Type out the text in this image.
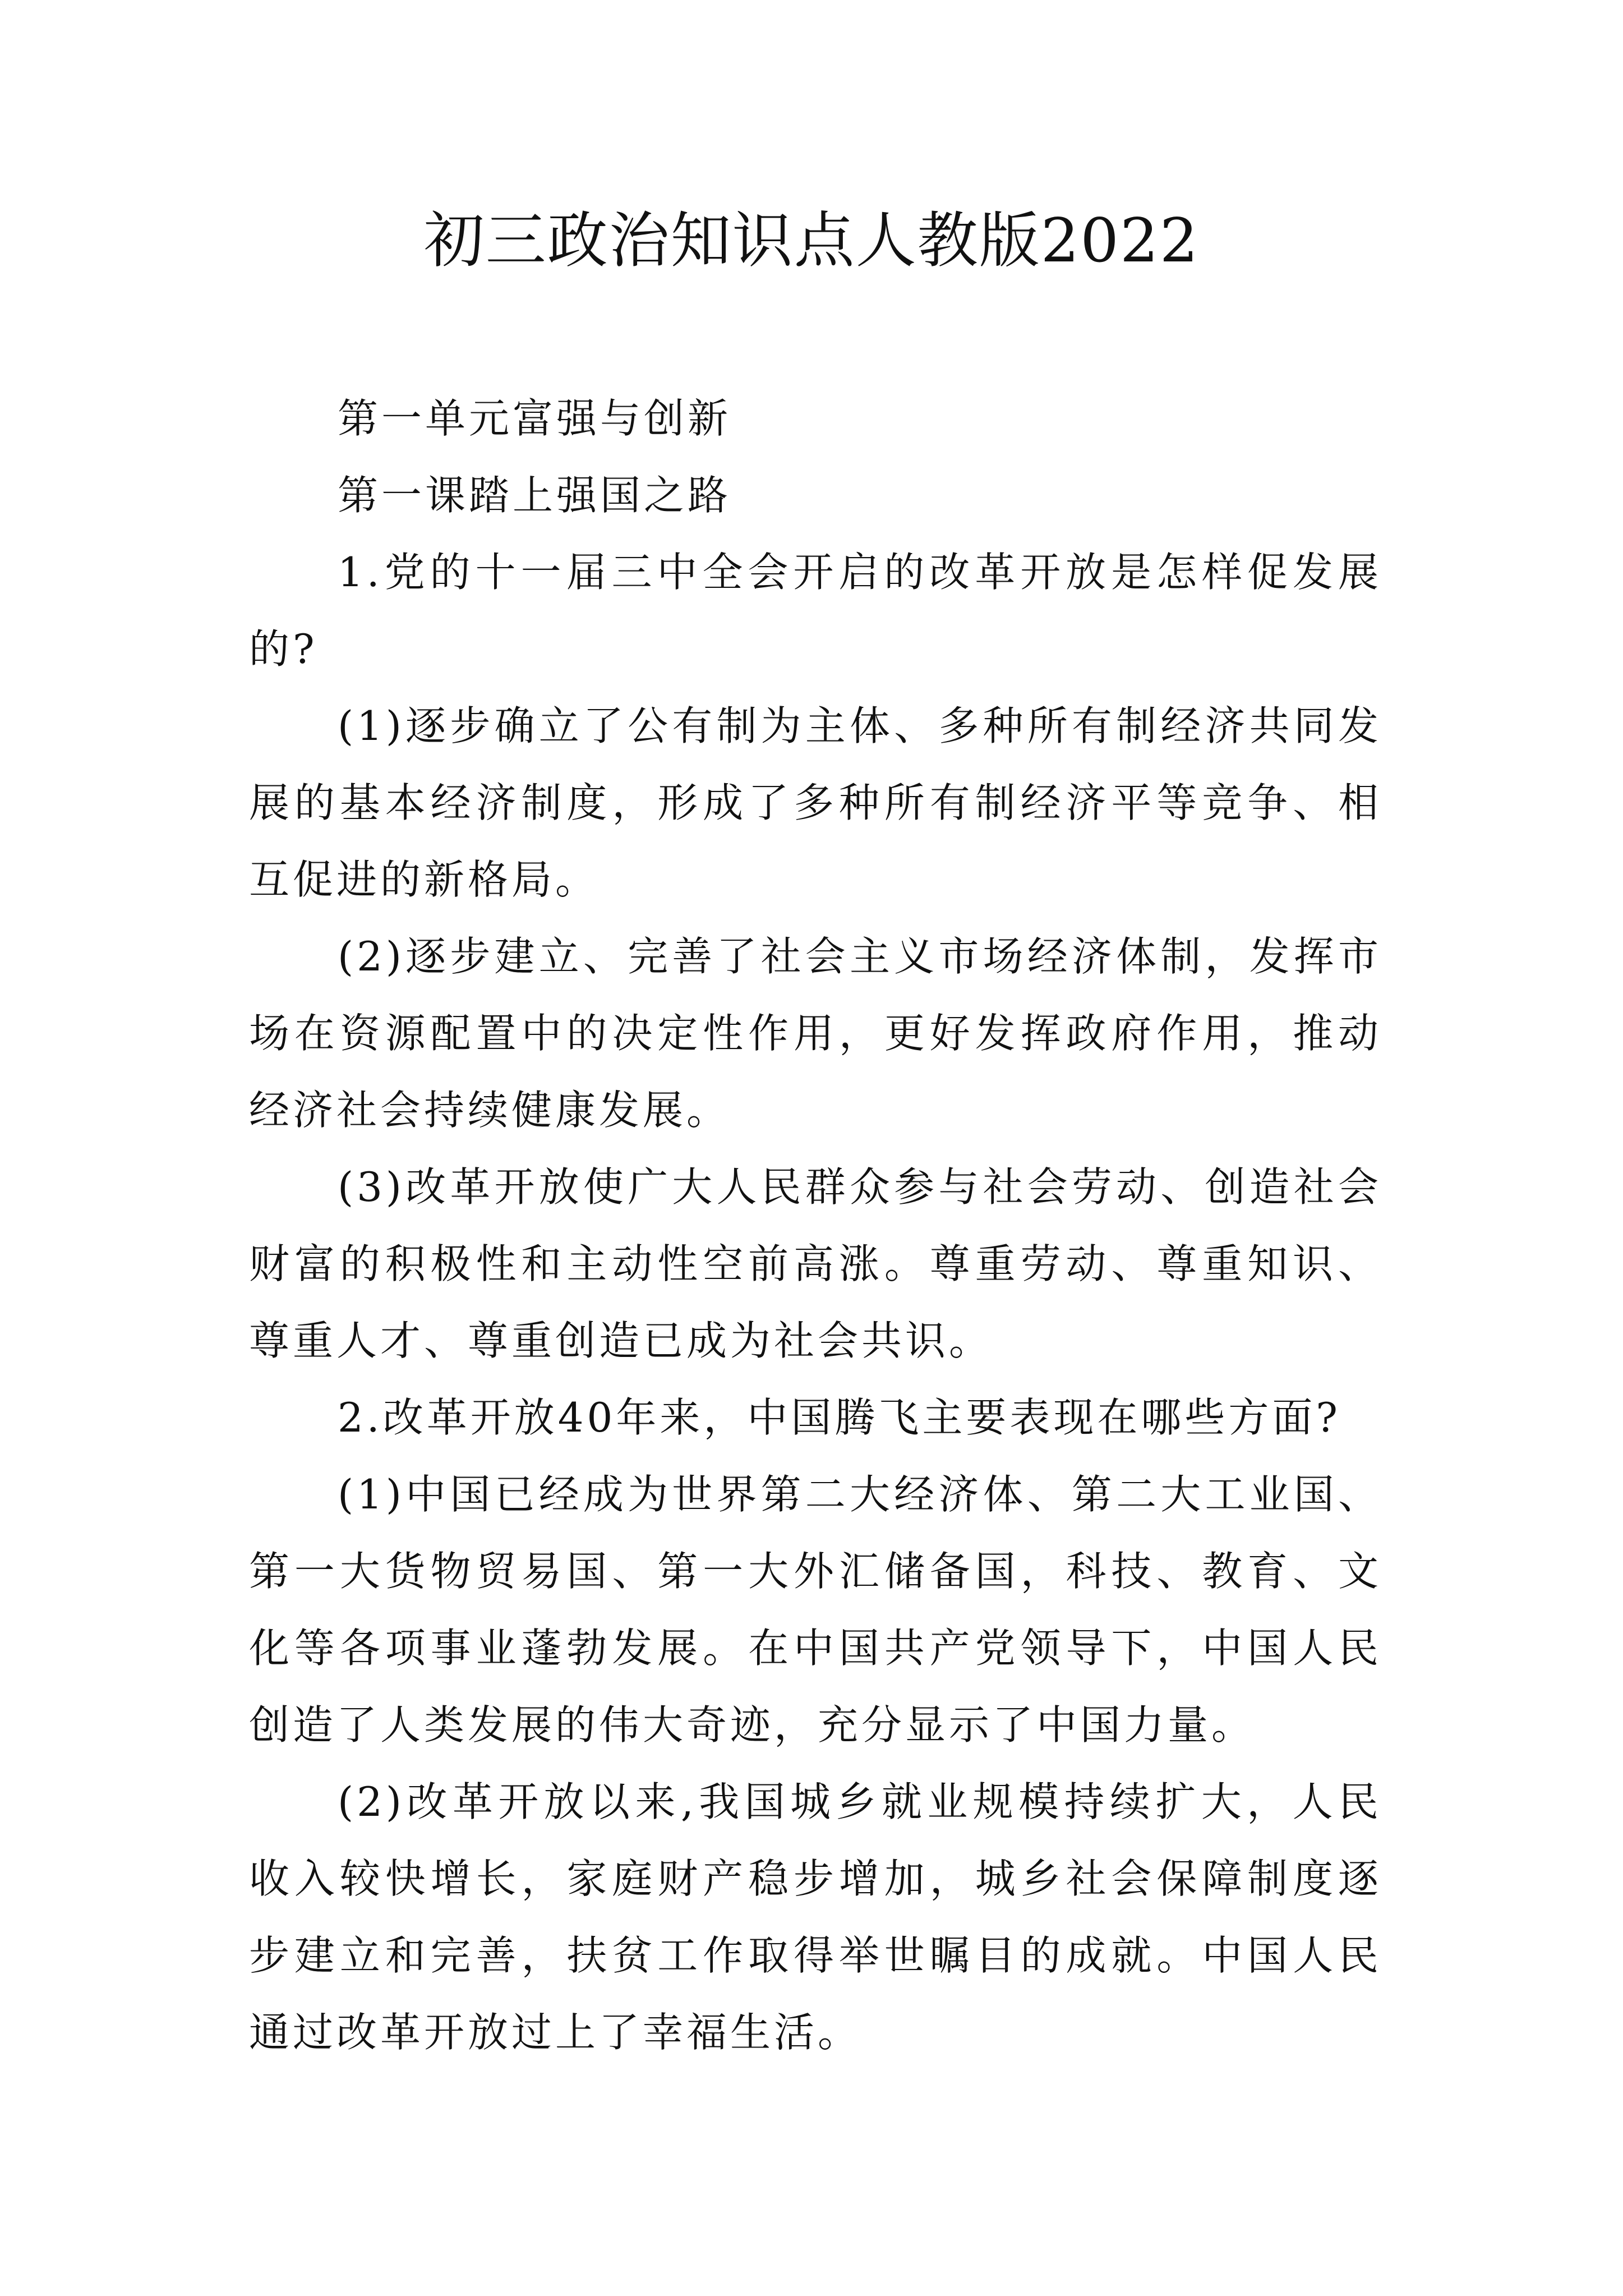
初三政治知识点人教版2022

第一单元富强与创新

第一课踏上强国之路

1.党的十一届三中全会开启的改革开放是怎样促发展的?

(1)逐步确立了公有制为主体、多种所有制经济共同发展的基本经济制度，形成了多种所有制经济平等竞争、相互促进的新格局。

(2)逐步建立、完善了社会主义市场经济体制，发挥市场在资源配置中的决定性作用，更好发挥政府作用，推动经济社会持续健康发展。

(3)改革开放使广大人民群众参与社会劳动、创造社会财富的积极性和主动性空前高涨。尊重劳动、尊重知识、尊重人才、尊重创造已成为社会共识。

2.改革开放40年来，中国腾飞主要表现在哪些方面?

(1)中国已经成为世界第二大经济体、第二大工业国、第一大货物贸易国、第一大外汇储备国，科技、教育、文化等各项事业蓬勃发展。在中国共产党领导下，中国人民创造了人类发展的伟大奇迹，充分显示了中国力量。

(2)改革开放以来,我国城乡就业规模持续扩大，人民收入较快增长，家庭财产稳步增加，城乡社会保障制度逐步建立和完善，扶贫工作取得举世瞩目的成就。中国人民通过改革开放过上了幸福生活。
